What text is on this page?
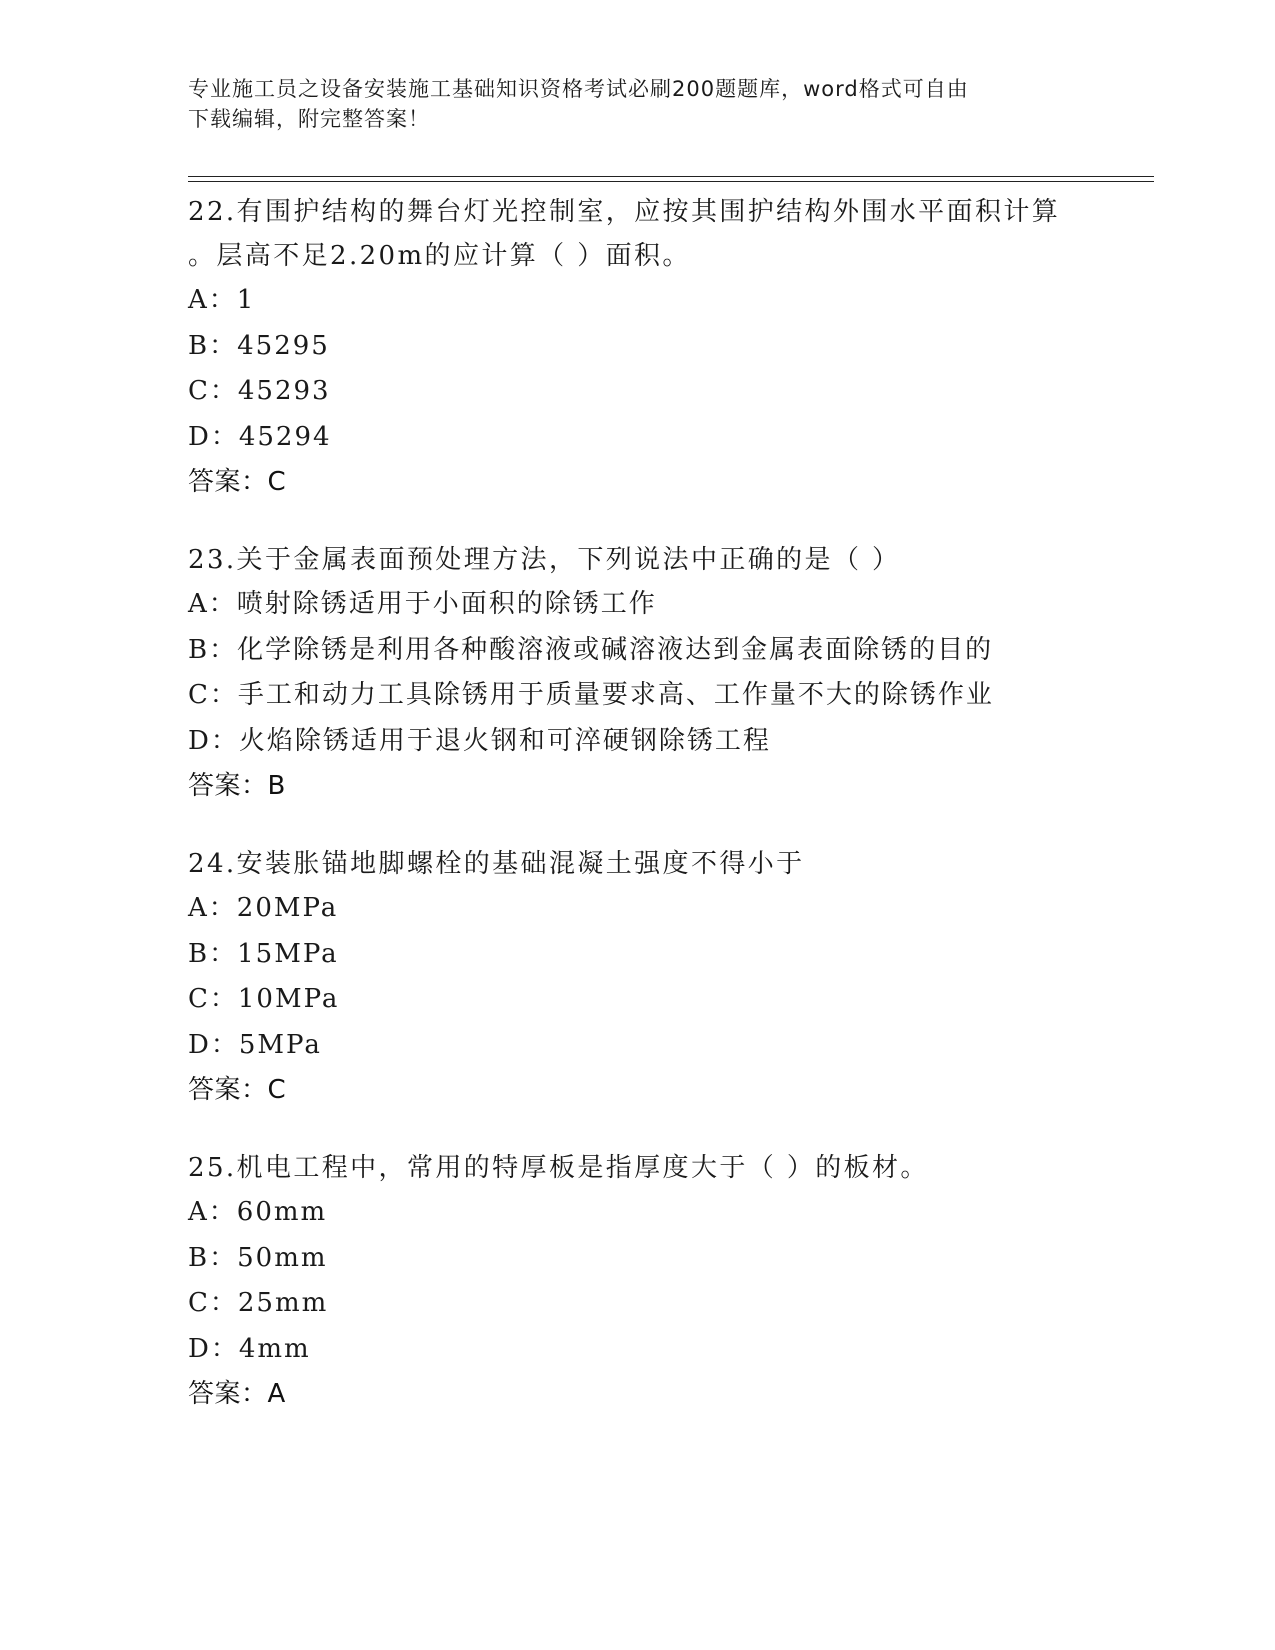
专业施工员之设备安装施工基础知识资格考试必刷200题题库，word格式可自由
下载编辑，附完整答案！
22.有围护结构的舞台灯光控制室，应按其围护结构外围水平面积计算
。层高不足2.20m的应计算（ ）面积。
A：1
B：45295
C：45293
D：45294
答案：C
23.关于金属表面预处理方法，下列说法中正确的是（ ）
A：喷射除锈适用于小面积的除锈工作
B：化学除锈是利用各种酸溶液或碱溶液达到金属表面除锈的目的
C：手工和动力工具除锈用于质量要求高、工作量不大的除锈作业
D：火焰除锈适用于退火钢和可淬硬钢除锈工程
答案：B
24.安装胀锚地脚螺栓的基础混凝土强度不得小于
A：20MPa
B：15MPa
C：10MPa
D：5MPa
答案：C
25.机电工程中，常用的特厚板是指厚度大于（ ）的板材。
A：60mm
B：50mm
C：25mm
D：4mm
答案：A
